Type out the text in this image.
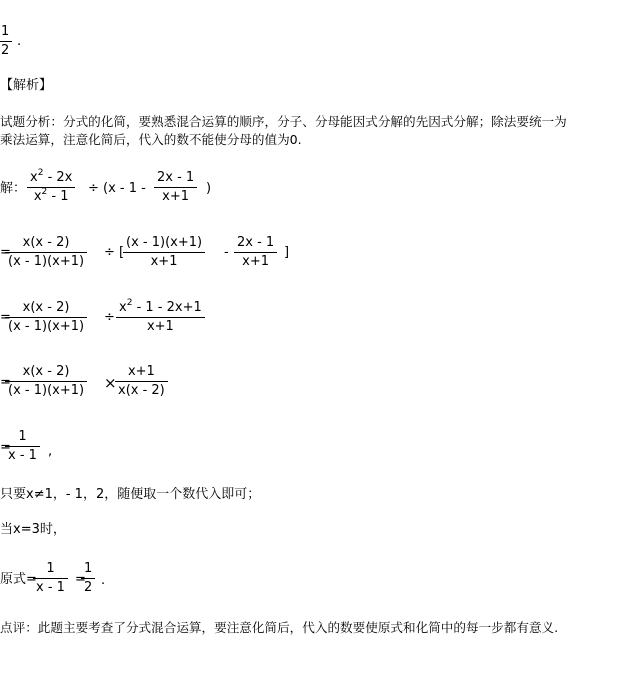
1
2
.
【解析】
试题分析：分式的化简，要熟悉混合运算的顺序，分子、分母能因式分解的先因式分解；除法要统一为
乘法运算，注意化简后，代入的数不能使分母的值为0.
解：
$x^2 - 2x$
$x^2 - 1$
÷ (x - 1 -
2x - 1
x+1
)
=
x(x - 2)
(x - 1)(x+1)
÷ [
(x - 1)(x+1)
x+1
-
2x - 1
x+1
]
=
x(x - 2)
(x - 1)(x+1)
÷
$x^2 - 1 - 2x+1$
x+1
=
x(x - 2)
(x - 1)(x+1) ×
x+1
x(x - 2)
=
1
x - 1 ,
只要x≠1，- 1，2，随便取一个数代入即可；
当x=3时，
原式=
1
x - 1
=
1
2 .
点评：此题主要考查了分式混合运算，要注意化简后，代入的数要使原式和化简中的每一步都有意义.
